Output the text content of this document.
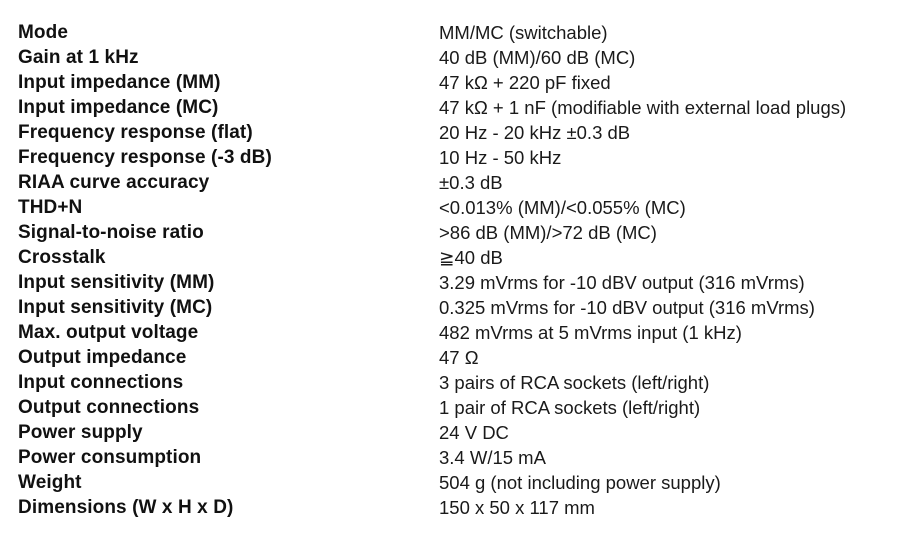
Mode	MM/MC (switchable)
Gain at 1 kHz	40 dB (MM)/60 dB (MC)
Input impedance (MM)	47 kΩ + 220 pF fixed
Input impedance (MC)	47 kΩ + 1 nF (modifiable with external load plugs)
Frequency response (flat)	20 Hz - 20 kHz ±0.3 dB
Frequency response (-3 dB)	10 Hz - 50 kHz
RIAA curve accuracy	±0.3 dB
THD+N	<0.013% (MM)/<0.055% (MC)
Signal-to-noise ratio	>86 dB (MM)/>72 dB (MC)
Crosstalk	≧40 dB
Input sensitivity (MM)	3.29 mVrms for -10 dBV output (316 mVrms)
Input sensitivity (MC)	0.325 mVrms for -10 dBV output (316 mVrms)
Max. output voltage	482 mVrms at 5 mVrms input (1 kHz)
Output impedance	47 Ω
Input connections	3 pairs of RCA sockets (left/right)
Output connections	1 pair of RCA sockets (left/right)
Power supply	24 V DC
Power consumption	3.4 W/15 mA
Weight	504 g (not including power supply)
Dimensions (W x H x D)	150 x 50 x 117 mm
